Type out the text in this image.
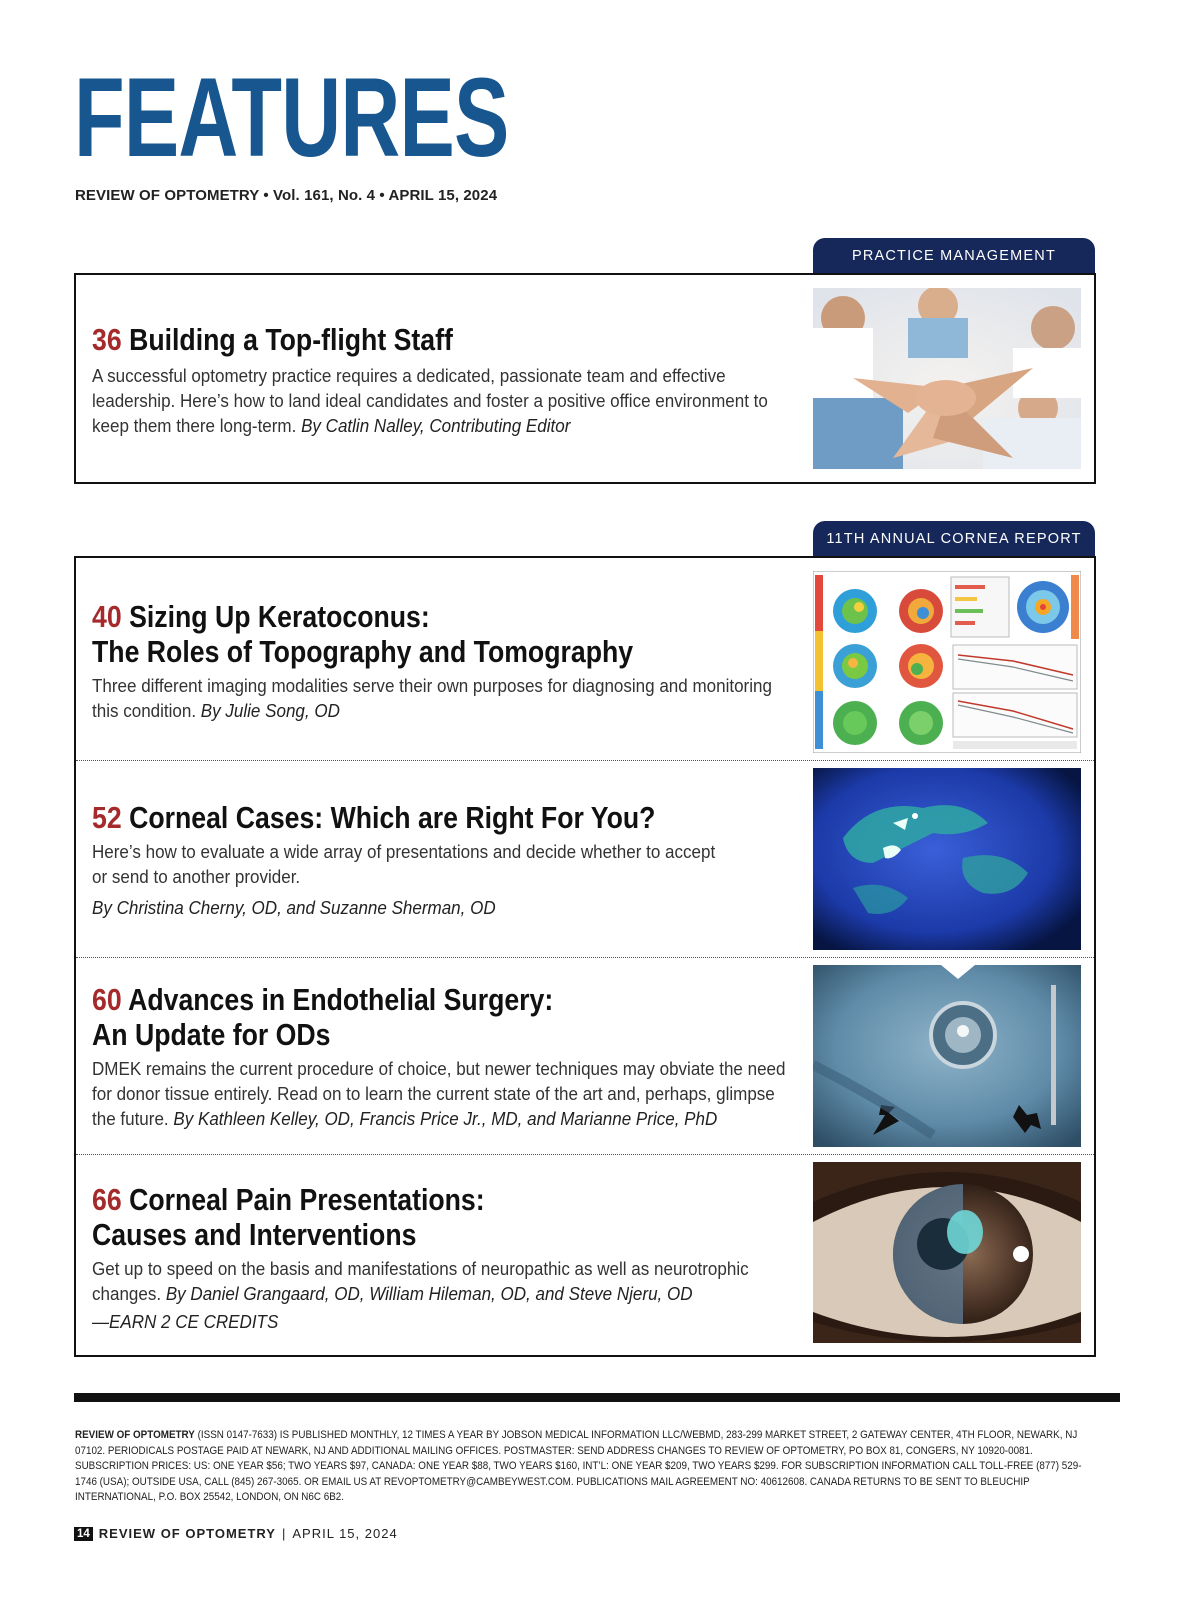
FEATURES
REVIEW OF OPTOMETRY • Vol. 161, No. 4 • APRIL 15, 2024
PRACTICE MANAGEMENT
36 Building a Top-flight Staff
A successful optometry practice requires a dedicated, passionate team and effective leadership. Here’s how to land ideal candidates and foster a positive office environment to keep them there long-term. By Catlin Nalley, Contributing Editor
11TH ANNUAL CORNEA REPORT
40 Sizing Up Keratoconus:
The Roles of Topography and Tomography
Three different imaging modalities serve their own purposes for diagnosing and monitoring this condition. By Julie Song, OD
52 Corneal Cases: Which are Right For You?
Here’s how to evaluate a wide array of presentations and decide whether to accept or send to another provider.
By Christina Cherny, OD, and Suzanne Sherman, OD
60 Advances in Endothelial Surgery:
An Update for ODs
DMEK remains the current procedure of choice, but newer techniques may obviate the need for donor tissue entirely. Read on to learn the current state of the art and, perhaps, glimpse the future. By Kathleen Kelley, OD, Francis Price Jr., MD, and Marianne Price, PhD
66 Corneal Pain Presentations:
Causes and Interventions
Get up to speed on the basis and manifestations of neuropathic as well as neurotrophic changes. By Daniel Grangaard, OD, William Hileman, OD, and Steve Njeru, OD
—EARN 2 CE CREDITS
REVIEW OF OPTOMETRY (ISSN 0147-7633) IS PUBLISHED MONTHLY, 12 TIMES A YEAR BY JOBSON MEDICAL INFORMATION LLC/WEBMD, 283-299 MARKET STREET, 2 GATEWAY CENTER, 4TH FLOOR, NEWARK, NJ 07102. PERIODICALS POSTAGE PAID AT NEWARK, NJ AND ADDITIONAL MAILING OFFICES. POSTMASTER: SEND ADDRESS CHANGES TO REVIEW OF OPTOMETRY, PO BOX 81, CONGERS, NY 10920-0081. SUBSCRIPTION PRICES: US: ONE YEAR $56; TWO YEARS $97, CANADA: ONE YEAR $88, TWO YEARS $160, INT’L: ONE YEAR $209, TWO YEARS $299. FOR SUBSCRIPTION INFORMATION CALL TOLL-FREE (877) 529-1746 (USA); OUTSIDE USA, CALL (845) 267-3065. OR EMAIL US AT REVOPTOMETRY@CAMBEYWEST.COM. PUBLICATIONS MAIL AGREEMENT NO: 40612608. CANADA RETURNS TO BE SENT TO BLEUCHIP INTERNATIONAL, P.O. BOX 25542, LONDON, ON N6C 6B2.
14 REVIEW OF OPTOMETRY | APRIL 15, 2024
